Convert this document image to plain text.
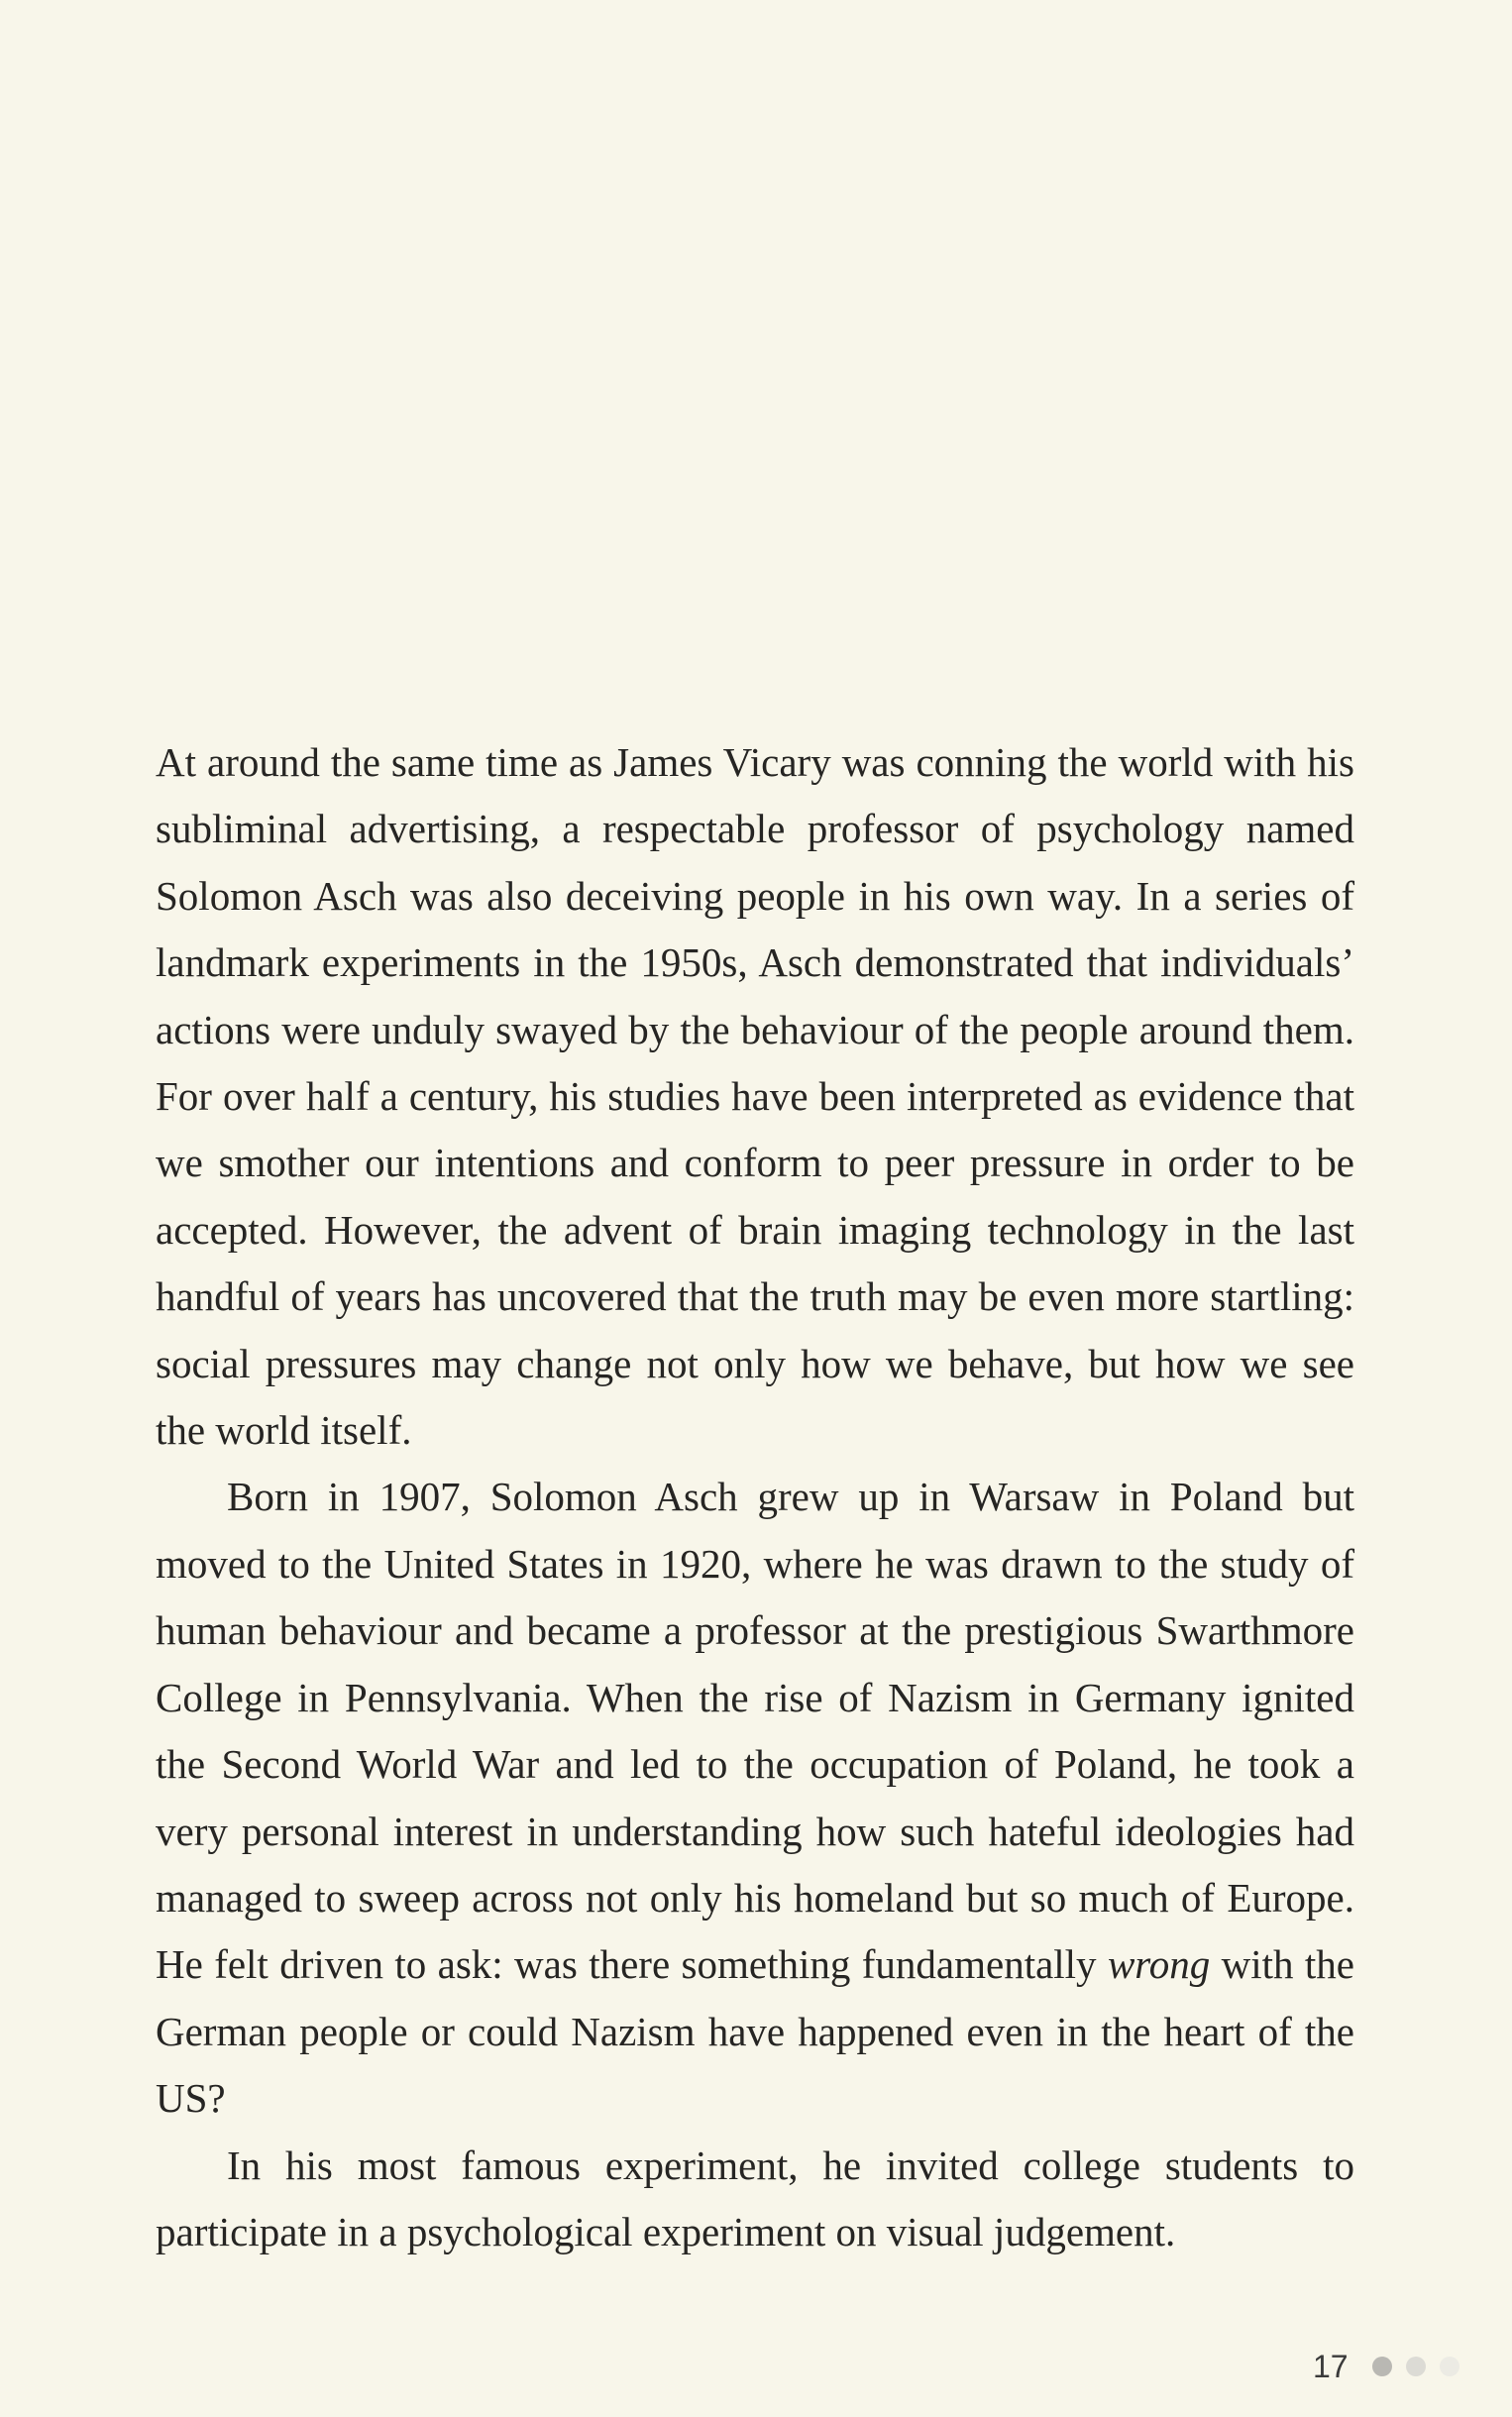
At around the same time as James Vicary was conning the world with his subliminal advertising, a respectable professor of psychology named Solomon Asch was also deceiving people in his own way. In a series of landmark experiments in the 1950s, Asch demonstrated that individuals’ actions were unduly swayed by the behaviour of the people around them. For over half a century, his studies have been interpreted as evidence that we smother our intentions and conform to peer pressure in order to be accepted. However, the advent of brain imaging technology in the last handful of years has uncovered that the truth may be even more startling: social pressures may change not only how we behave, but how we see the world itself.

Born in 1907, Solomon Asch grew up in Warsaw in Poland but moved to the United States in 1920, where he was drawn to the study of human behaviour and became a professor at the prestigious Swarthmore College in Pennsylvania. When the rise of Nazism in Germany ignited the Second World War and led to the occupation of Poland, he took a very personal interest in understanding how such hateful ideologies had managed to sweep across not only his homeland but so much of Europe. He felt driven to ask: was there something fundamentally wrong with the German people or could Nazism have happened even in the heart of the US?

In his most famous experiment, he invited college students to participate in a psychological experiment on visual judgement.

17
